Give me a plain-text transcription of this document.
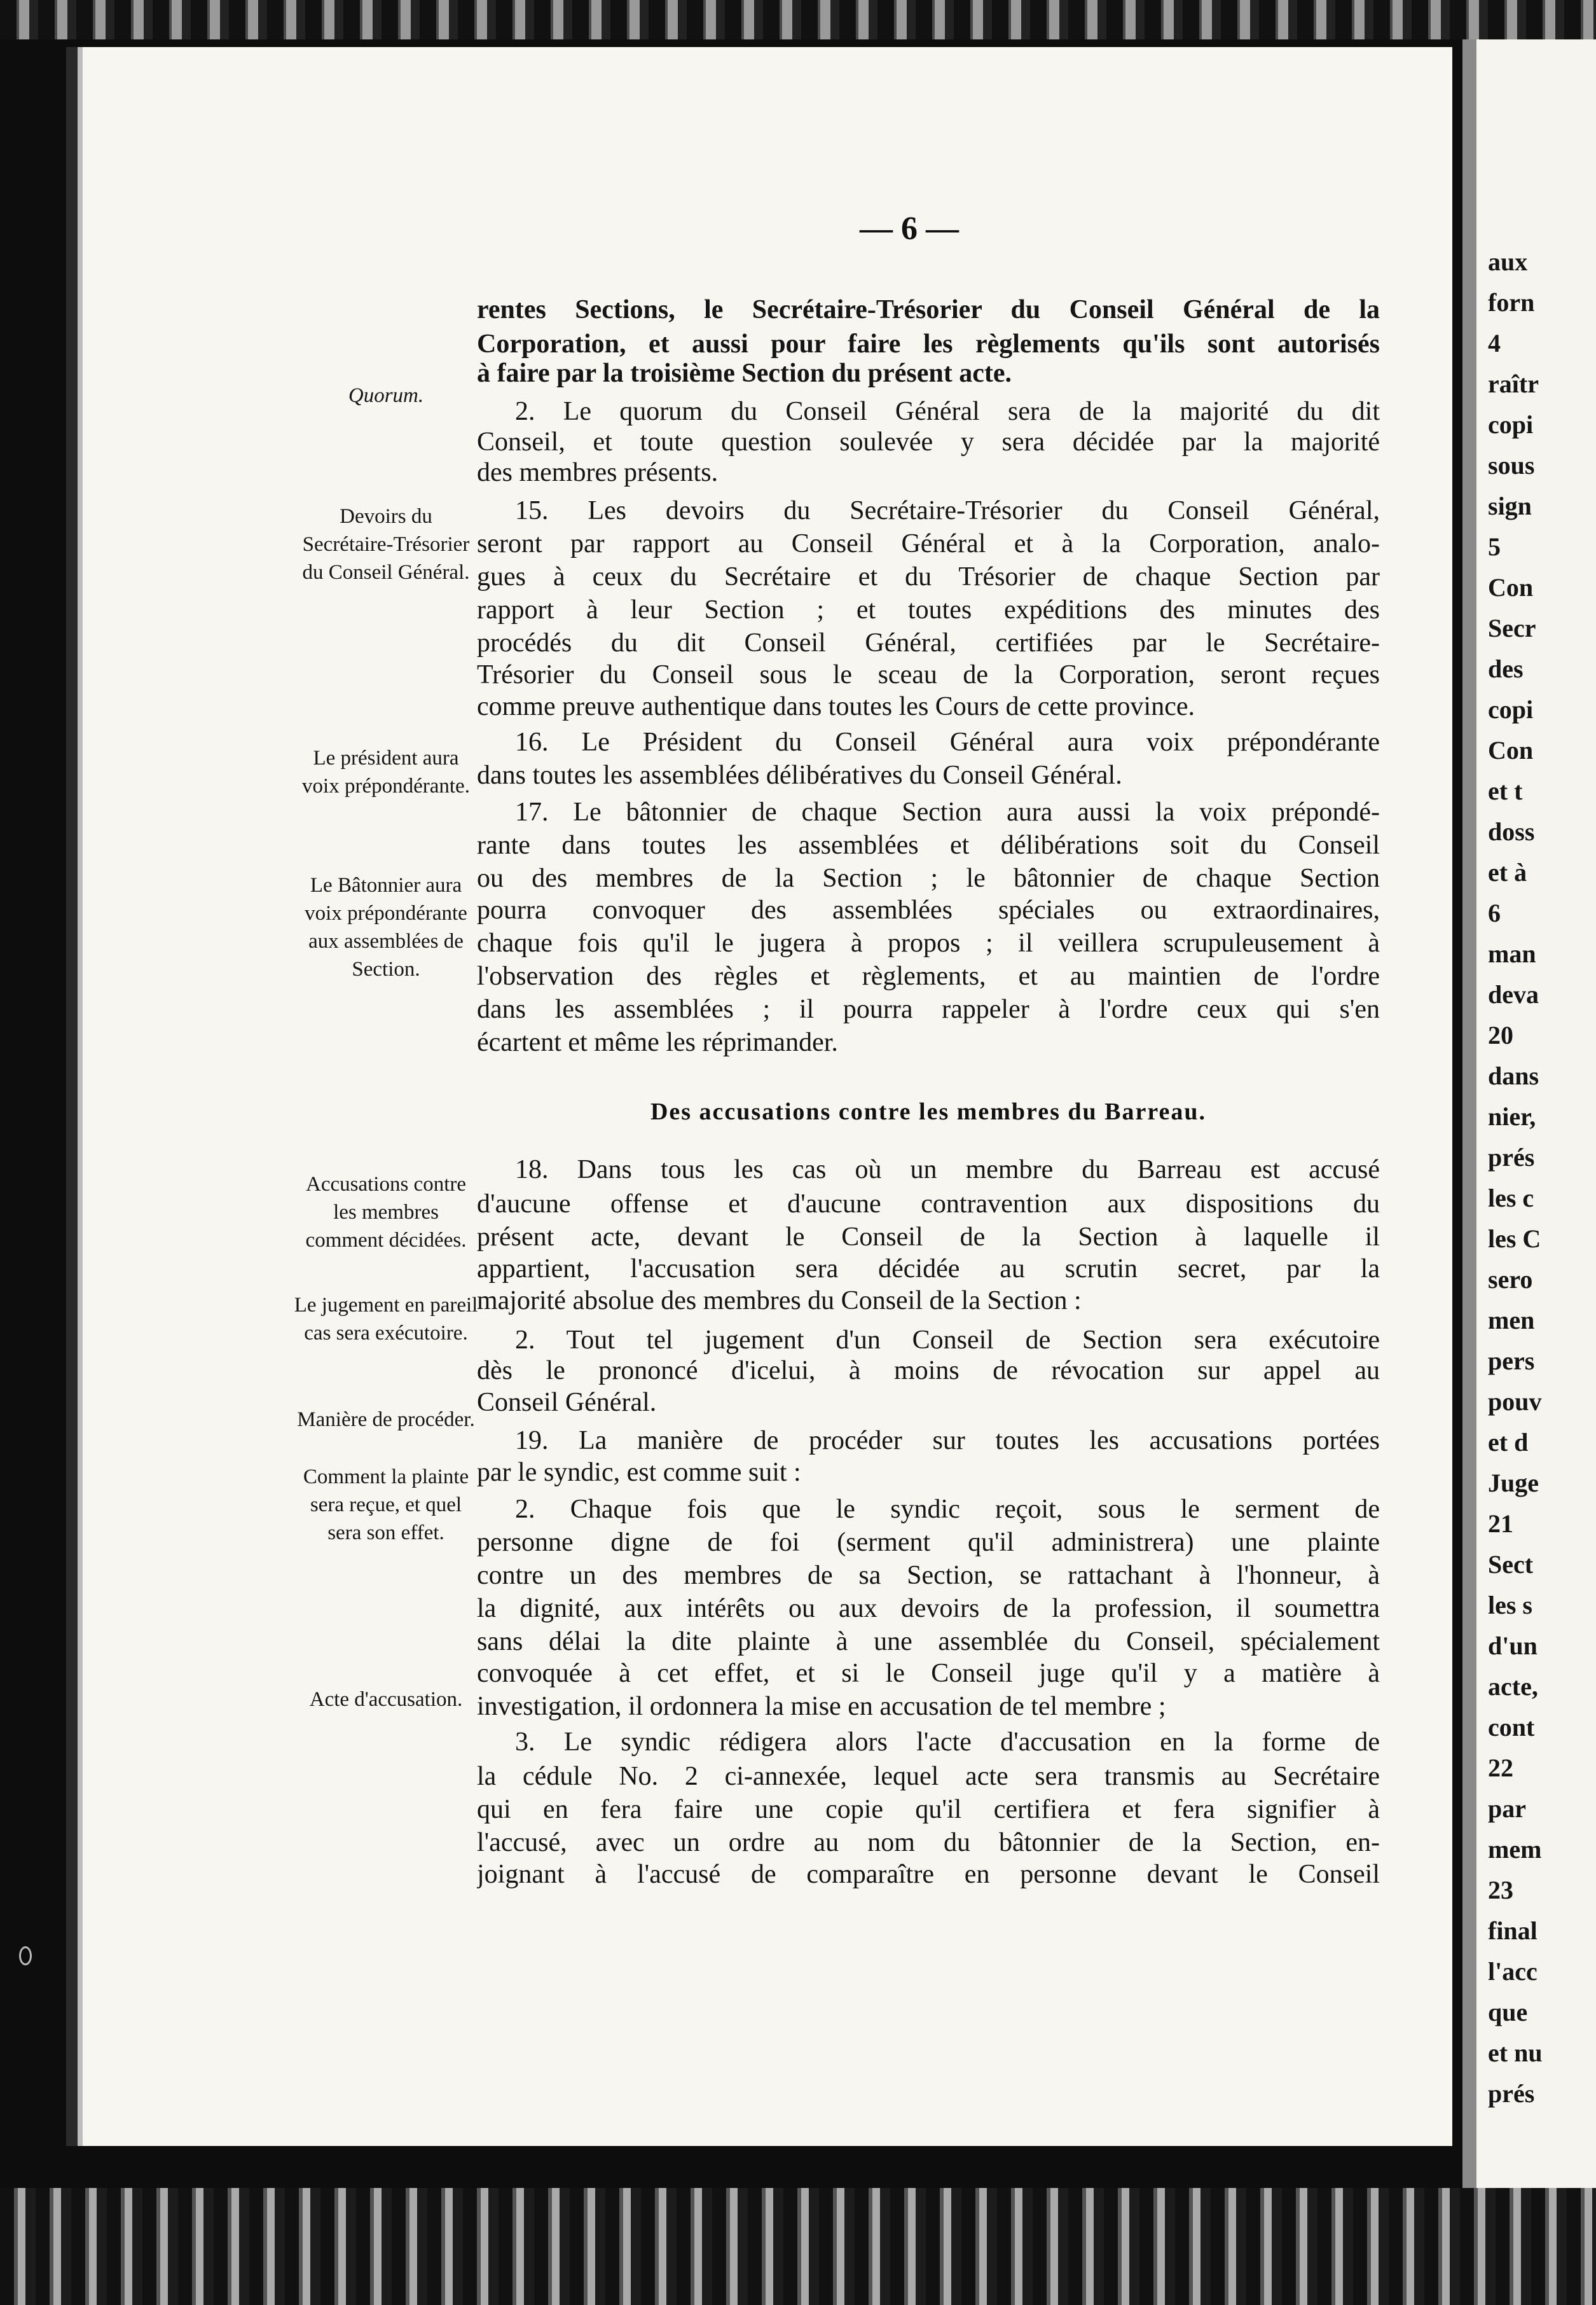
aux
forn
4
raîtr
copi
sous
sign
5
Con
Secr
des
copi
Con
et t
doss
et à
6
man
deva
20
dans
nier,
prés
les c
les C
sero
men
pers
pouv
et d
Juge
21
Sect
les s
d'un
acte,
cont
22
par
mem
23
final
l'acc
que
et nu
prés
— 6 —
Quorum.
Devoirs du Secrétaire-Trésorier du Conseil Général.
Le président aura voix prépondérante.
Le Bâtonnier aura voix prépondérante aux assemblées de Section.
Accusations contre les membres comment décidées.
Le jugement en pareil cas sera exécutoire.
Manière de procéder.
Comment la plainte sera reçue, et quel sera son effet.
Acte d'accusation.
rentes Sections, le Secrétaire-Trésorier du Conseil Général de la
Corporation, et aussi pour faire les règlements qu'ils sont autorisés
à faire par la troisième Section du présent acte.
2. Le quorum du Conseil Général sera de la majorité du dit
Conseil, et toute question soulevée y sera décidée par la majorité
des membres présents.
15. Les devoirs du Secrétaire-Trésorier du Conseil Général,
seront par rapport au Conseil Général et à la Corporation, analo-
gues à ceux du Secrétaire et du Trésorier de chaque Section par
rapport à leur Section ; et toutes expéditions des minutes des
procédés du dit Conseil Général, certifiées par le Secrétaire-
Trésorier du Conseil sous le sceau de la Corporation, seront reçues
comme preuve authentique dans toutes les Cours de cette province.
16. Le Président du Conseil Général aura voix prépondérante
dans toutes les assemblées délibératives du Conseil Général.
17. Le bâtonnier de chaque Section aura aussi la voix prépondé-
rante dans toutes les assemblées et délibérations soit du Conseil
ou des membres de la Section ; le bâtonnier de chaque Section
pourra convoquer des assemblées spéciales ou extraordinaires,
chaque fois qu'il le jugera à propos ; il veillera scrupuleusement à
l'observation des règles et règlements, et au maintien de l'ordre
dans les assemblées ; il pourra rappeler à l'ordre ceux qui s'en
écartent et même les réprimander.
18. Dans tous les cas où un membre du Barreau est accusé
d'aucune offense et d'aucune contravention aux dispositions du
présent acte, devant le Conseil de la Section à laquelle il
appartient, l'accusation sera décidée au scrutin secret, par la
majorité absolue des membres du Conseil de la Section :
2. Tout tel jugement d'un Conseil de Section sera exécutoire
dès le prononcé d'icelui, à moins de révocation sur appel au
Conseil Général.
19. La manière de procéder sur toutes les accusations portées
par le syndic, est comme suit :
2. Chaque fois que le syndic reçoit, sous le serment de
personne digne de foi (serment qu'il administrera) une plainte
contre un des membres de sa Section, se rattachant à l'honneur, à
la dignité, aux intérêts ou aux devoirs de la profession, il soumettra
sans délai la dite plainte à une assemblée du Conseil, spécialement
convoquée à cet effet, et si le Conseil juge qu'il y a matière à
investigation, il ordonnera la mise en accusation de tel membre ;
3. Le syndic rédigera alors l'acte d'accusation en la forme de
la cédule No. 2 ci-annexée, lequel acte sera transmis au Secrétaire
qui en fera faire une copie qu'il certifiera et fera signifier à
l'accusé, avec un ordre au nom du bâtonnier de la Section, en-
joignant à l'accusé de comparaître en personne devant le Conseil
Des accusations contre les membres du Barreau.
